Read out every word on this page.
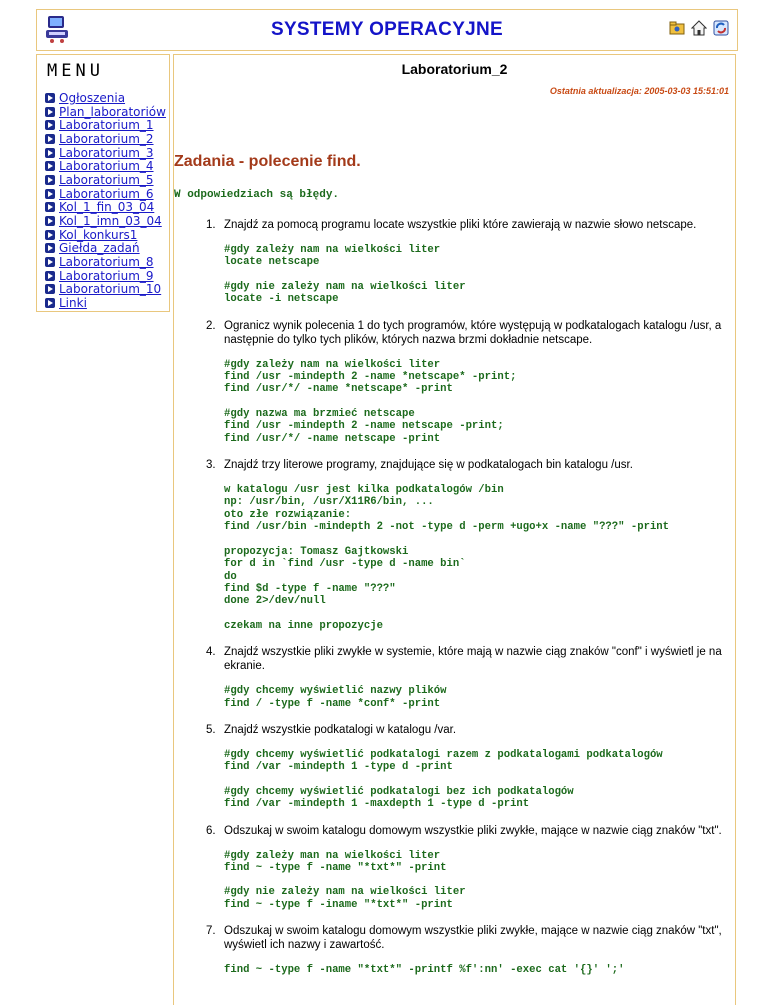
SYSTEMY OPERACYJNE
MENU
Ogłoszenia
Plan_laboratoriów
Laboratorium_1
Laboratorium_2
Laboratorium_3
Laboratorium_4
Laboratorium_5
Laboratorium_6
Kol_1_fin_03_04
Kol_1_imn_03_04
Kol_konkurs1
Giełda_zadań
Laboratorium_8
Laboratorium_9
Laboratorium_10
Linki
Laboratorium_2
Ostatnia aktualizacja: 2005-03-03 15:51:01
Zadania - polecenie find.
W odpowiedziach są błędy.
1. Znajdź za pomocą programu locate wszystkie pliki które zawierają w nazwie słowo netscape.
#gdy zależy nam na wielkości liter
locate netscape
#gdy nie zależy nam na wielkości liter
locate -i netscape
2. Ogranicz wynik polecenia 1 do tych programów, które występują w podkatalogach katalogu /usr, a następnie do tylko tych plików, których nazwa brzmi dokładnie netscape.
#gdy zależy nam na wielkości liter
find /usr -mindepth 2 -name *netscape* -print;
find /usr/*/ -name *netscape* -print
#gdy nazwa ma brzmieć netscape
find /usr -mindepth 2 -name netscape -print;
find /usr/*/ -name netscape -print
3. Znajdź trzy literowe programy, znajdujące się w podkatalogach bin katalogu /usr.
w katalogu /usr jest kilka podkatalogów /bin
np: /usr/bin, /usr/X11R6/bin, ...
oto złe rozwiązanie:
find /usr/bin -mindepth 2 -not -type d -perm +ugo+x -name "???" -print
propozycja: Tomasz Gajtkowski
for d in `find /usr -type d -name bin`
do
find $d -type f -name "???"
done 2>/dev/null
czekam na inne propozycje
4. Znajdź wszystkie pliki zwykłe w systemie, które mają w nazwie ciąg znaków "conf" i wyświetl je na ekranie.
#gdy chcemy wyświetlić nazwy plików
find / -type f -name *conf* -print
5. Znajdź wszystkie podkatalogi w katalogu /var.
#gdy chcemy wyświetlić podkatalogi razem z podkatalogami podkatalogów
find /var -mindepth 1 -type d -print
#gdy chcemy wyświetlić podkatalogi bez ich podkatalogów
find /var -mindepth 1 -maxdepth 1 -type d -print
6. Odszukaj w swoim katalogu domowym wszystkie pliki zwykłe, mające w nazwie ciąg znaków "txt".
#gdy zależy man na wielkości liter
find ~ -type f -name "*txt*" -print
#gdy nie zależy nam na wielkości liter
find ~ -type f -iname "*txt*" -print
7. Odszukaj w swoim katalogu domowym wszystkie pliki zwykłe, mające w nazwie ciąg znaków "txt", wyświetl ich nazwy i zawartość.
find ~ -type f -name "*txt*" -printf %f':nn' -exec cat '{}' ';'
